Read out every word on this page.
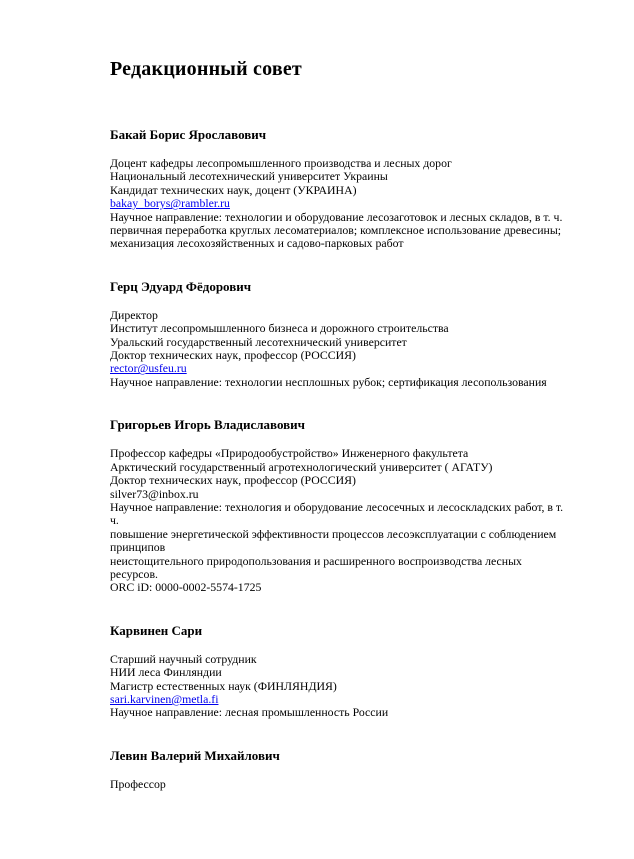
Редакционный совет
Бакай Борис Ярославович
Доцент кафедры лесопромышленного производства и лесных дорог
Национальный лесотехнический университет Украины
Кандидат технических наук, доцент (УКРАИНА)
bakay_borys@rambler.ru
Научное направление: технологии и оборудование лесозаготовок и лесных складов, в т. ч.
первичная переработка круглых лесоматериалов; комплексное использование древесины;
механизация лесохозяйственных и садово-парковых работ
Герц Эдуард Фёдорович
Директор
Институт лесопромышленного бизнеса и дорожного строительства
Уральский государственный лесотехнический университет
Доктор технических наук, профессор (РОССИЯ)
rector@usfeu.ru
Научное направление: технологии несплошных рубок; сертификация лесопользования
Григорьев Игорь Владиславович
Профессор кафедры «Природообустройство» Инженерного факультета
Арктический государственный агротехнологический университет ( АГАТУ)
Доктор технических наук, профессор (РОССИЯ)
silver73@inbox.ru
Научное направление: технология и оборудование лесосечных и лесоскладских работ, в т.
ч.
повышение энергетической эффективности процессов лесоэксплуатации с соблюдением
принципов
неистощительного природопользования и расширенного воспроизводства лесных
ресурсов.
ORC iD: 0000-0002-5574-1725
Карвинен Сари
Старший научный сотрудник
НИИ леса Финляндии
Магистр естественных наук (ФИНЛЯНДИЯ)
sari.karvinen@metla.fi
Научное направление: лесная промышленность России
Левин Валерий Михайлович
Профессор
